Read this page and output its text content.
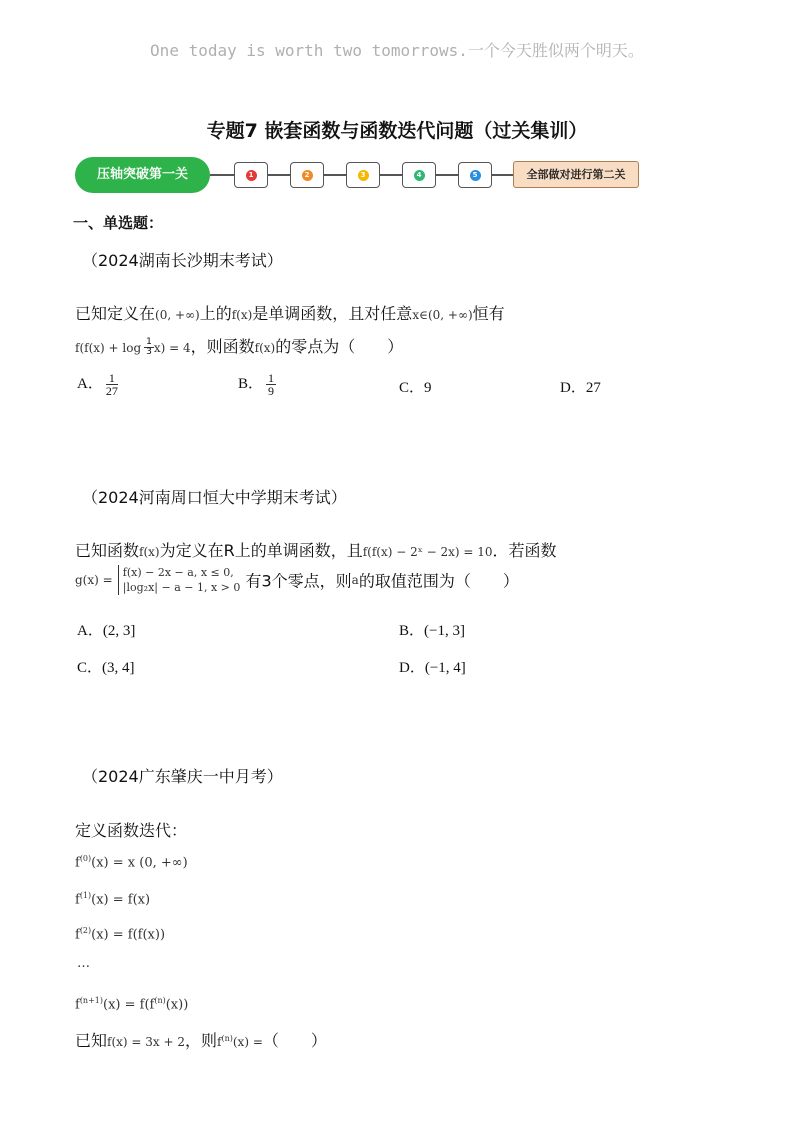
One today is worth two tomorrows.一个今天胜似两个明天。
专题7 嵌套函数与函数迭代问题（过关集训）
压轴突破第一关	1	2	3	4	5	全部做对进行第二关
一、单选题：
（2024湖南长沙期末考试）
已知定义在(0, +∞)上的f(x)是单调函数，且对任意x∈(0, +∞)恒有
$f(f(x) + \log \frac{1}{3} x) = 4$，则函数f(x)的零点为（　　）
A． $\frac{1}{27}$	B． $\frac{1}{9}$	C．9	D．27
（2024河南周口恒大中学期末考试）
已知函数f(x)为定义在R上的单调函数，且f(f(x) − 2ˣ − 2x) = 10．若函数
g(x) =
f(x) − 2x − a, x ≤ 0,
|log₂x| − a − 1, x > 0 有3个零点，则a的取值范围为（　　）
A．(2, 3]	B．(−1, 3]
C．(3, 4]	D．(−1, 4]
（2024广东肇庆一中月考）
定义函数迭代：
$f^{(0)}(x) = x$ (0, +∞)
$f^{(1)}(x) = f(x)$
$f^{(2)}(x) = f(f(x))$
…
$f^{(n+1)}(x) = f(f^{(n)}(x))$
已知f(x) = 3x + 2，则$f^{(n)}(x)$ =（　　）
